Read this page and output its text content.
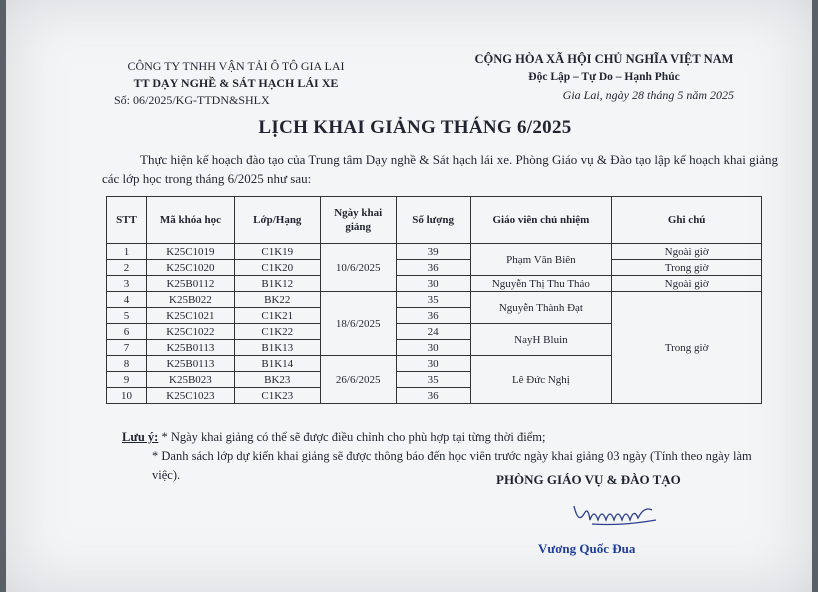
CÔNG TY TNHH VẬN TẢI Ô TÔ GIA LAI
TT DẠY NGHỀ & SÁT HẠCH LÁI XE
Số: 06/2025/KG-TTDN&SHLX
CỘNG HÒA XÃ HỘI CHỦ NGHĨA VIỆT NAM
Độc Lập – Tự Do – Hạnh Phúc
Gia Lai, ngày 28 tháng 5 năm 2025
LỊCH KHAI GIẢNG THÁNG 6/2025
Thực hiện kế hoạch đào tạo của Trung tâm Dạy nghề & Sát hạch lái xe. Phòng Giáo vụ & Đào tạo lập kế hoạch khai giảng các lớp học trong tháng 6/2025 như sau:
STT	Mã khóa học	Lớp/Hạng	Ngày khai giảng	Số lượng	Giáo viên chủ nhiệm	Ghi chú
1	K25C1019	C1K19	10/6/2025	39	Phạm Văn Biên	Ngoài giờ
2	K25C1020	C1K20		36		Trong giờ
3	K25B0112	B1K12		30	Nguyễn Thị Thu Thảo	Ngoài giờ
4	K25B022	BK22	18/6/2025	35	Nguyễn Thành Đạt	Trong giờ
5	K25C1021	C1K21		36		
6	K25C1022	C1K22		24	NayH Bluin	
7	K25B0113	B1K13		30		
8	K25B0113	B1K14	26/6/2025	30	Lê Đức Nghị	
9	K25B023	BK23		35		
10	K25C1023	C1K23		36		
Lưu ý: * Ngày khai giảng có thể sẽ được điều chỉnh cho phù hợp tại từng thời điểm;
* Danh sách lớp dự kiến khai giảng sẽ được thông báo đến học viên trước ngày khai giảng 03 ngày (Tính theo ngày làm việc).	PHÒNG GIÁO VỤ & ĐÀO TẠO
Vương Quốc Đua
